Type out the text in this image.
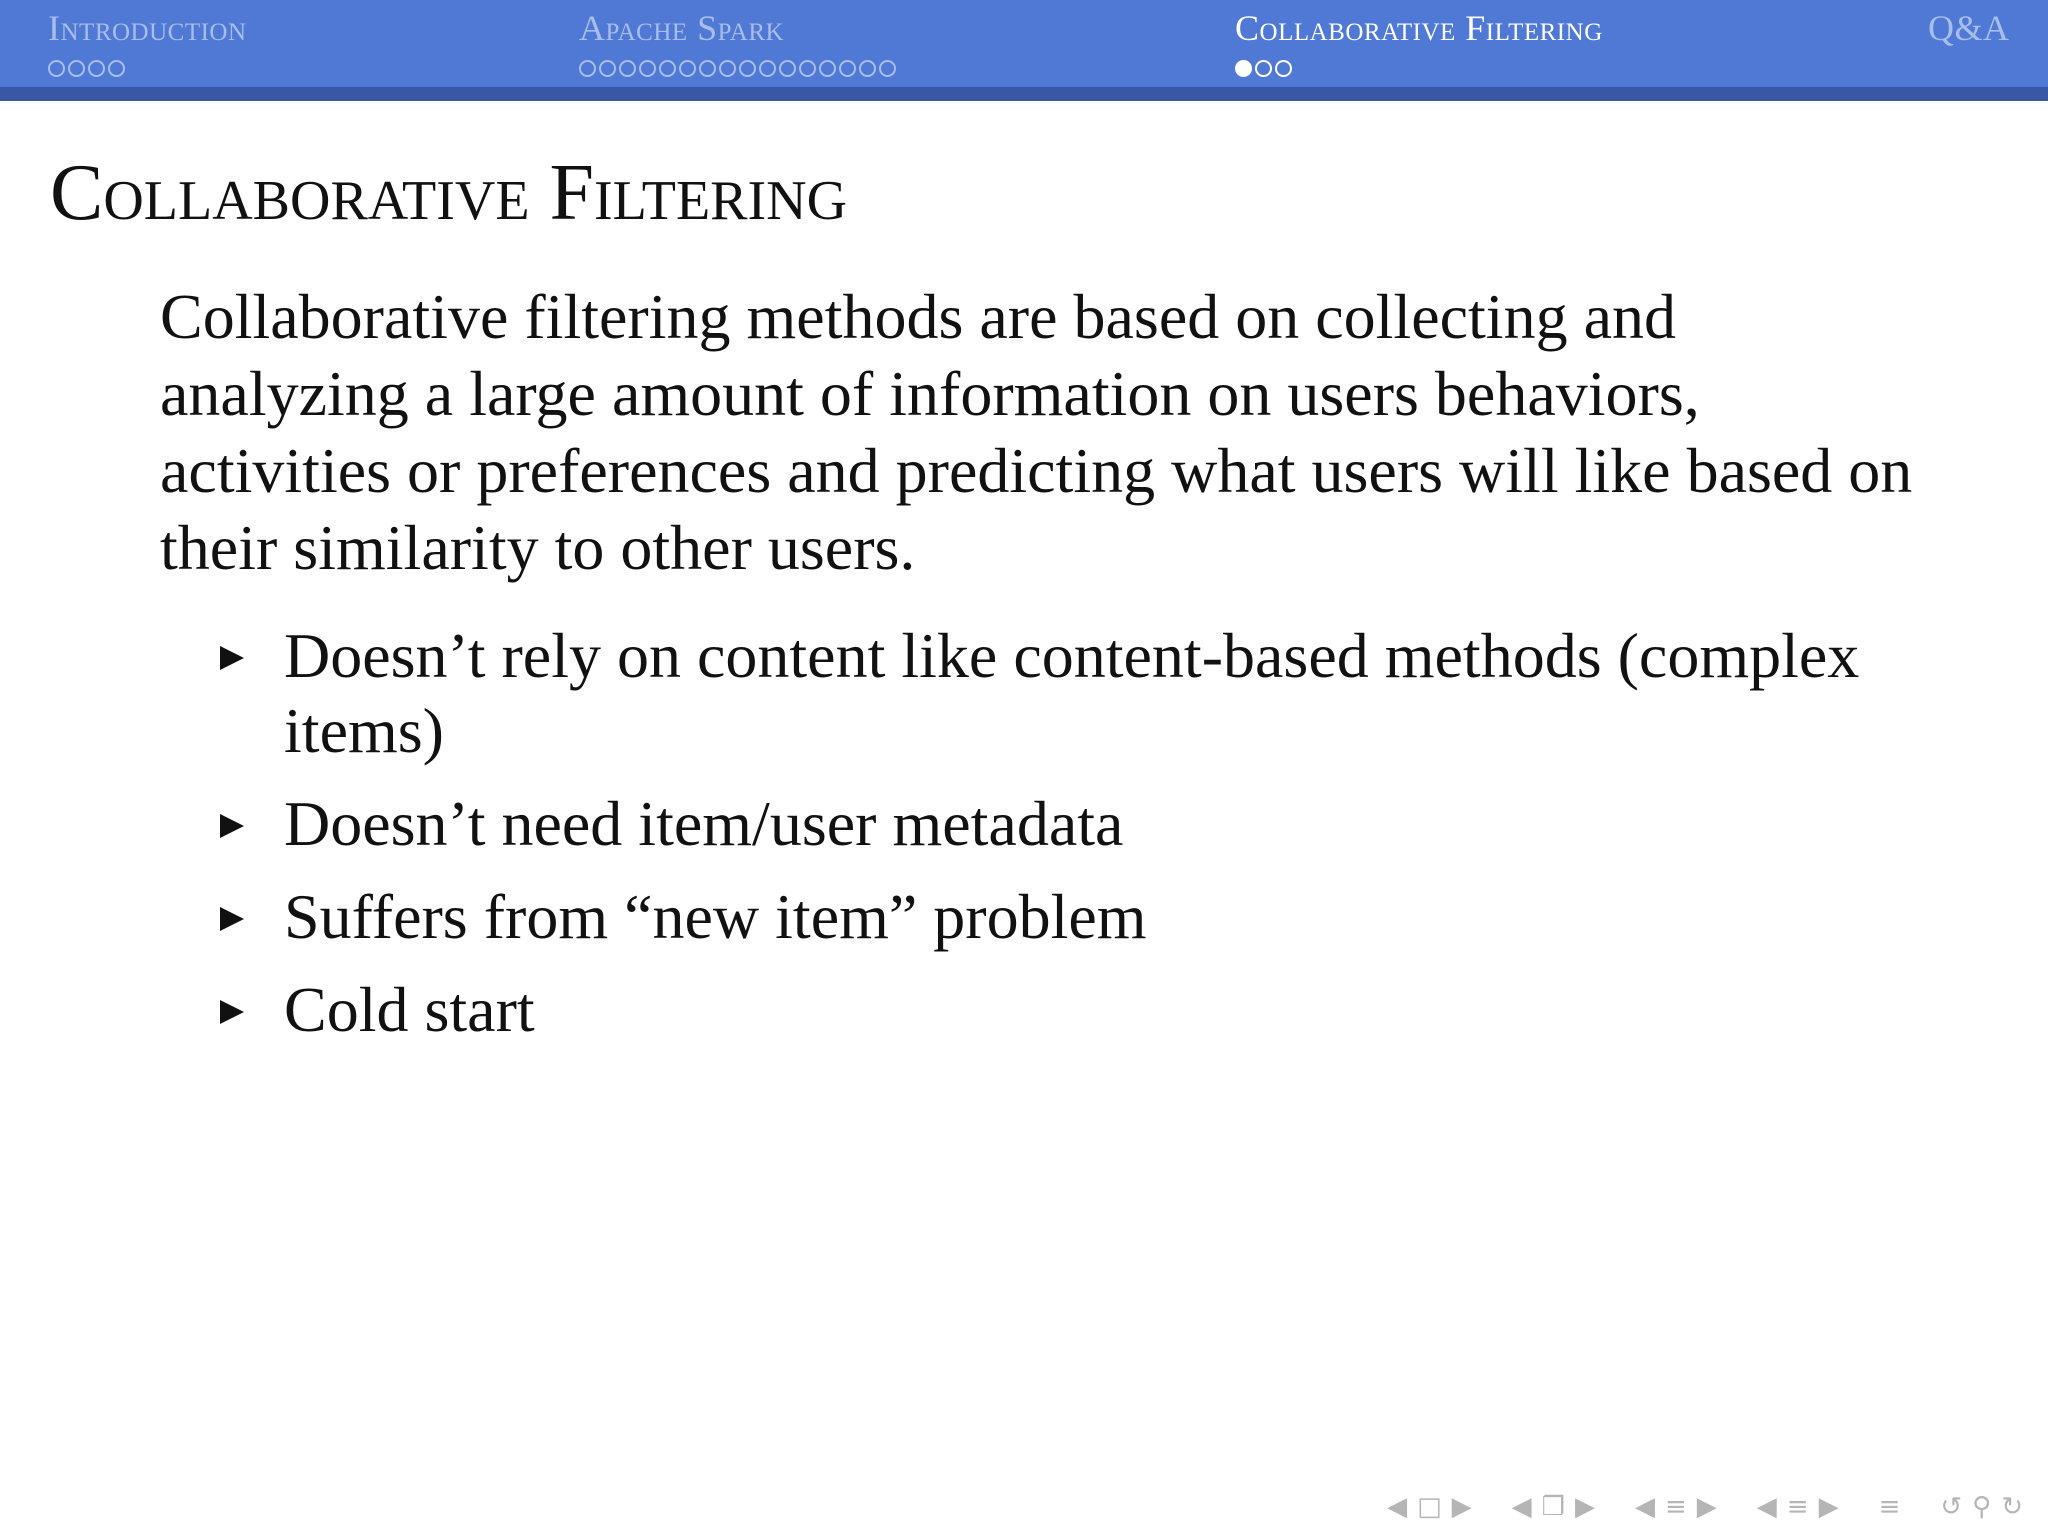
Introduction	Apache Spark	Collaborative Filtering	Q&A
Collaborative Filtering
Collaborative filtering methods are based on collecting and analyzing a large amount of information on users behaviors, activities or preferences and predicting what users will like based on their similarity to other users.
Doesn’t rely on content like content-based methods (complex items)
Doesn’t need item/user metadata
Suffers from “new item” problem
Cold start
◀ □ ▶ ◀ ❐ ▶ ◀ ≡ ▶ ◀ ≡ ▶ ≡ ↺ ⚲ ↻
